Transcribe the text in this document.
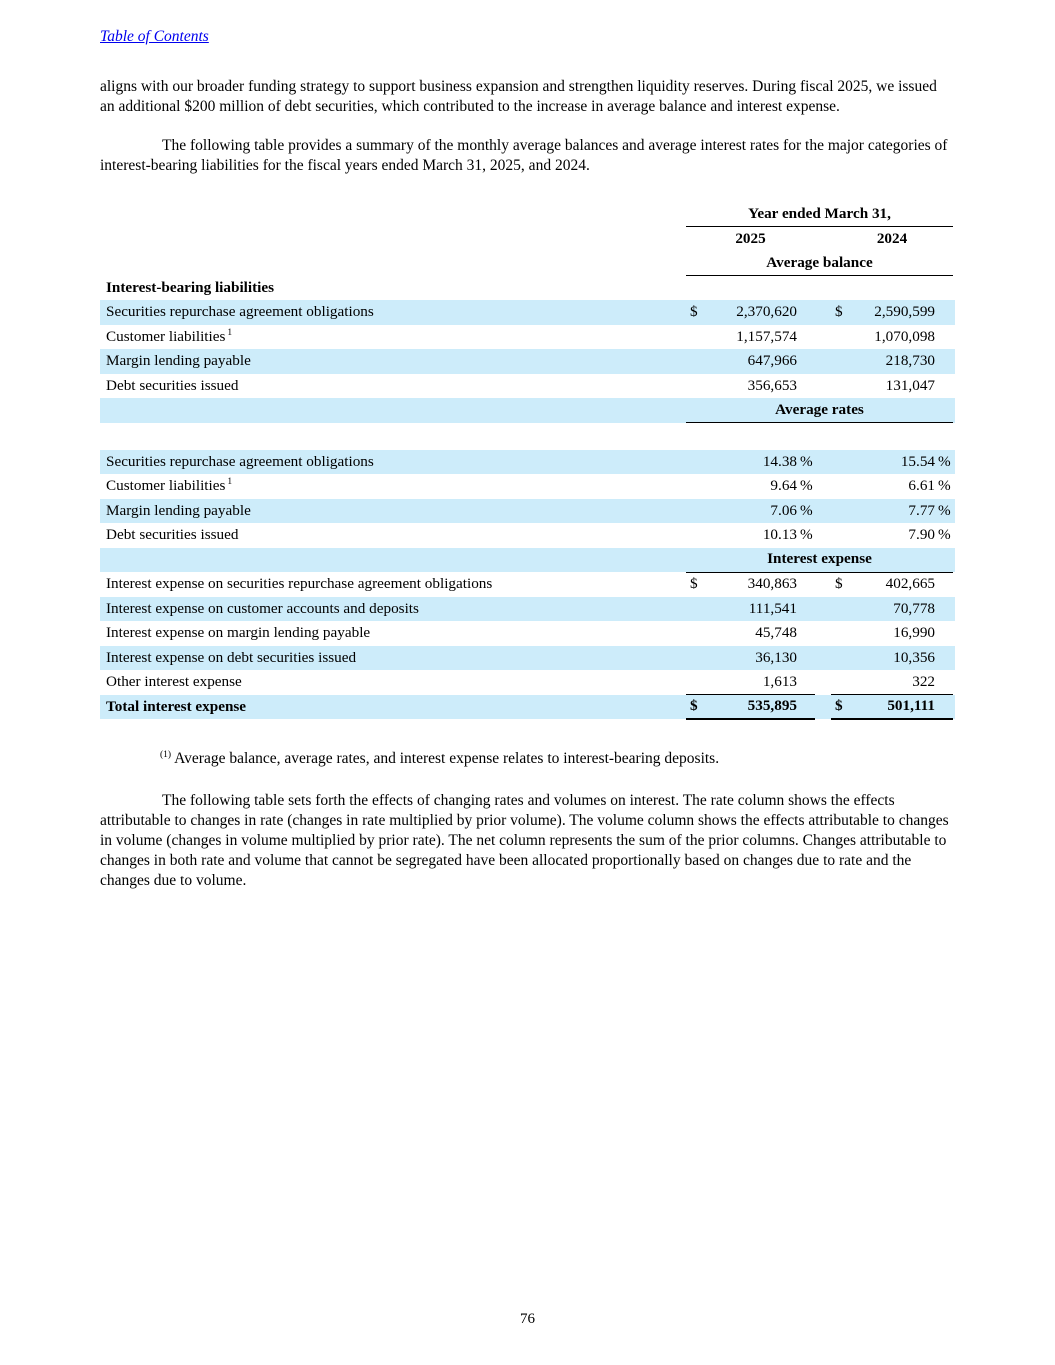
Table of Contents
aligns with our broader funding strategy to support business expansion and strengthen liquidity reserves. During fiscal 2025, we issued an additional $200 million of debt securities, which contributed to the increase in average balance and interest expense.
The following table provides a summary of the monthly average balances and average interest rates for the major categories of interest-bearing liabilities for the fiscal years ended March 31, 2025, and 2024.
Year ended March 31,
2025	2024
Average balance
Interest-bearing liabilities
Securities repurchase agreement obligations	$	2,370,620	$	2,590,599
Customer liabilities $^1$	1,157,574	1,070,098
Margin lending payable	647,966	218,730
Debt securities issued	356,653	131,047
Average rates
Securities repurchase agreement obligations	14.38 %	15.54 %
Customer liabilities $^1$	9.64 %	6.61 %
Margin lending payable	7.06 %	7.77 %
Debt securities issued	10.13 %	7.90 %
Interest expense
Interest expense on securities repurchase agreement obligations	$	340,863	$	402,665
Interest expense on customer accounts and deposits	111,541	70,778
Interest expense on margin lending payable	45,748	16,990
Interest expense on debt securities issued	36,130	10,356
Other interest expense	1,613	322
Total interest expense	$	535,895	$	501,111
$^{(1)}$ Average balance, average rates, and interest expense relates to interest-bearing deposits.
The following table sets forth the effects of changing rates and volumes on interest. The rate column shows the effects attributable to changes in rate (changes in rate multiplied by prior volume). The volume column shows the effects attributable to changes in volume (changes in volume multiplied by prior rate). The net column represents the sum of the prior columns. Changes attributable to changes in both rate and volume that cannot be segregated have been allocated proportionally based on changes due to rate and the changes due to volume.
76
